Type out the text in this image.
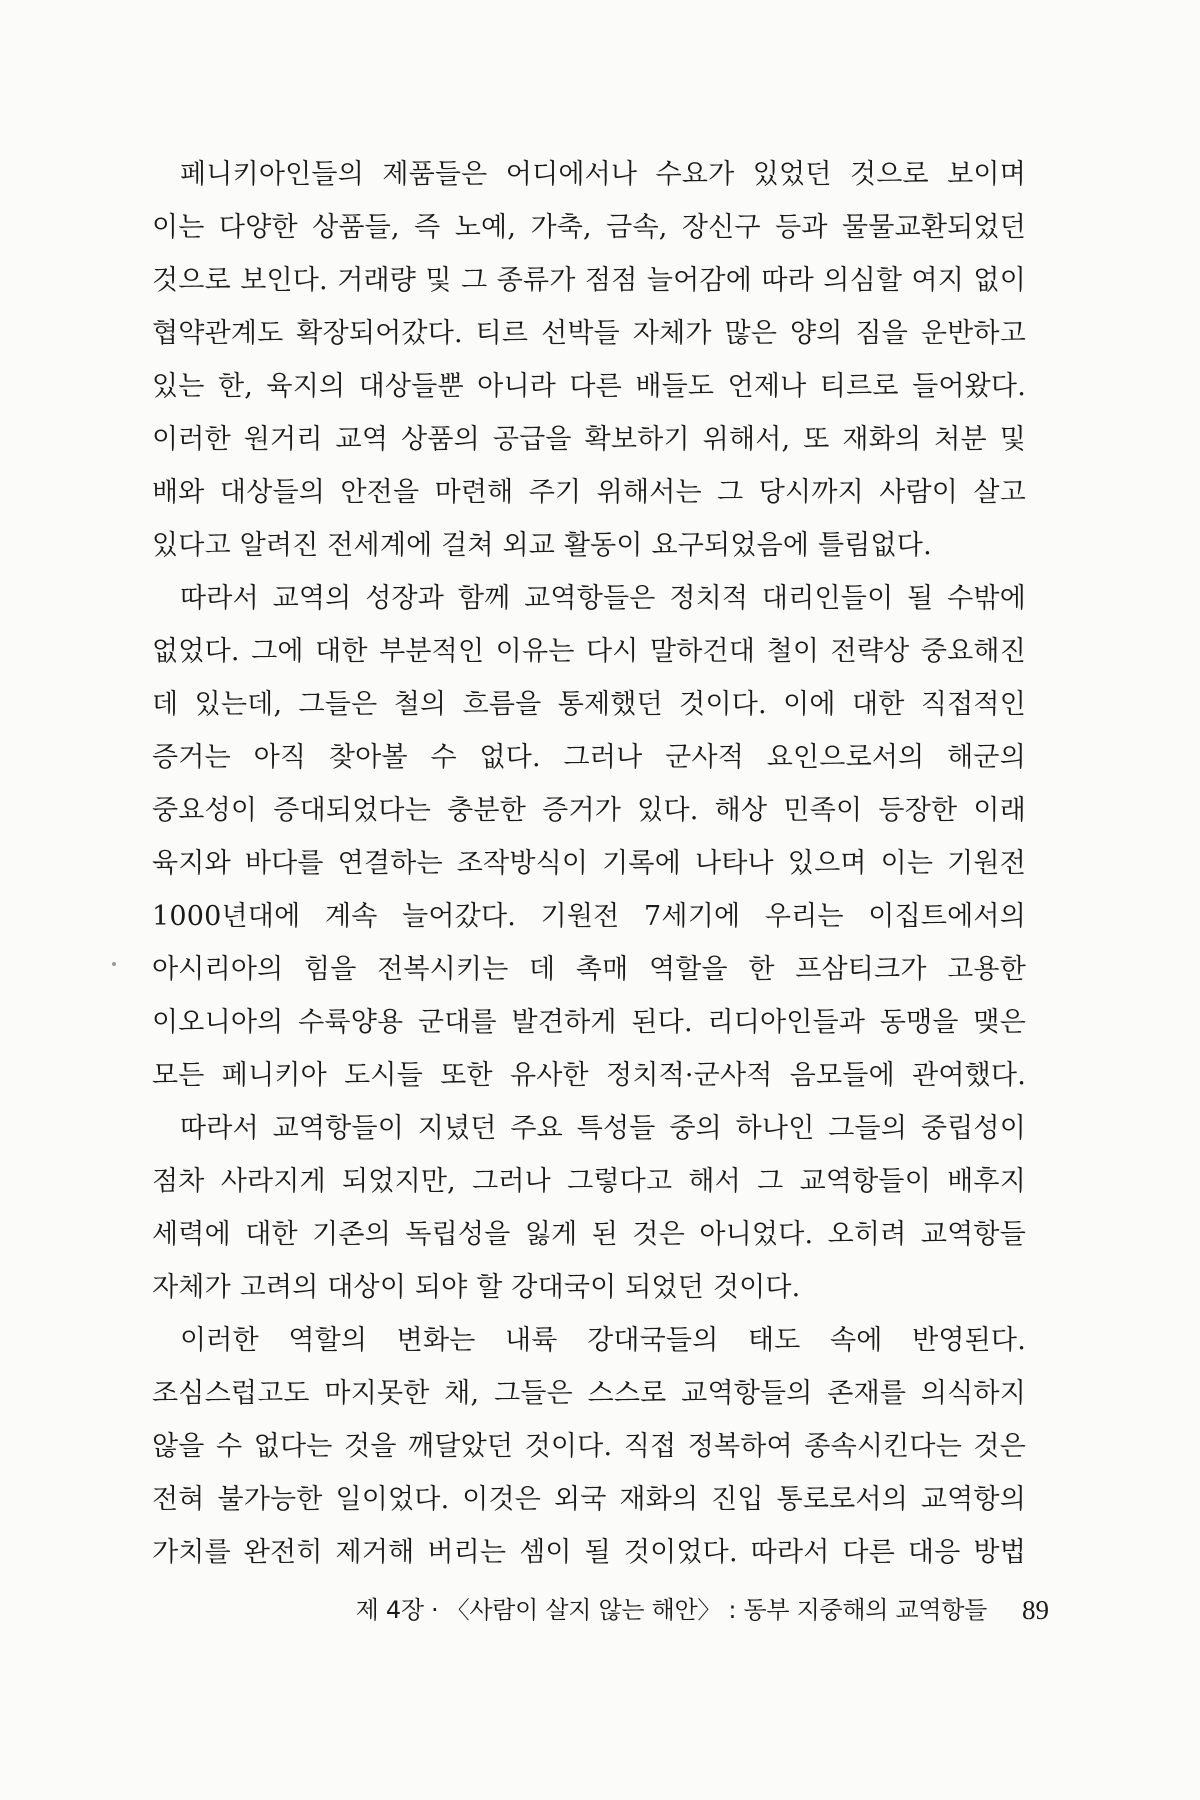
페니키아인들의 제품들은 어디에서나 수요가 있었던 것으로 보이며 이는 다양한 상품들, 즉 노예, 가축, 금속, 장신구 등과 물물교환되었던 것으로 보인다. 거래량 및 그 종류가 점점 늘어감에 따라 의심할 여지 없이 협약관계도 확장되어갔다. 티르 선박들 자체가 많은 양의 짐을 운반하고 있는 한, 육지의 대상들뿐 아니라 다른 배들도 언제나 티르로 들어왔다. 이러한 원거리 교역 상품의 공급을 확보하기 위해서, 또 재화의 처분 및 배와 대상들의 안전을 마련해 주기 위해서는 그 당시까지 사람이 살고 있다고 알려진 전세계에 걸쳐 외교 활동이 요구되었음에 틀림없다.

따라서 교역의 성장과 함께 교역항들은 정치적 대리인들이 될 수밖에 없었다. 그에 대한 부분적인 이유는 다시 말하건대 철이 전략상 중요해진 데 있는데, 그들은 철의 흐름을 통제했던 것이다. 이에 대한 직접적인 증거는 아직 찾아볼 수 없다. 그러나 군사적 요인으로서의 해군의 중요성이 증대되었다는 충분한 증거가 있다. 해상 민족이 등장한 이래 육지와 바다를 연결하는 조작방식이 기록에 나타나 있으며 이는 기원전 1000년대에 계속 늘어갔다. 기원전 7세기에 우리는 이집트에서의 아시리아의 힘을 전복시키는 데 촉매 역할을 한 프삼티크가 고용한 이오니아의 수륙양용 군대를 발견하게 된다. 리디아인들과 동맹을 맺은 모든 페니키아 도시들 또한 유사한 정치적·군사적 음모들에 관여했다.

따라서 교역항들이 지녔던 주요 특성들 중의 하나인 그들의 중립성이 점차 사라지게 되었지만, 그러나 그렇다고 해서 그 교역항들이 배후지 세력에 대한 기존의 독립성을 잃게 된 것은 아니었다. 오히려 교역항들 자체가 고려의 대상이 되야 할 강대국이 되었던 것이다.

이러한 역할의 변화는 내륙 강대국들의 태도 속에 반영된다. 조심스럽고도 마지못한 채, 그들은 스스로 교역항들의 존재를 의식하지 않을 수 없다는 것을 깨달았던 것이다. 직접 정복하여 종속시킨다는 것은 전혀 불가능한 일이었다. 이것은 외국 재화의 진입 통로로서의 교역항의 가치를 완전히 제거해 버리는 셈이 될 것이었다. 따라서 다른 대응 방법

제 4장 · 〈사람이 살지 않는 해안〉 : 동부 지중해의 교역항들 89
